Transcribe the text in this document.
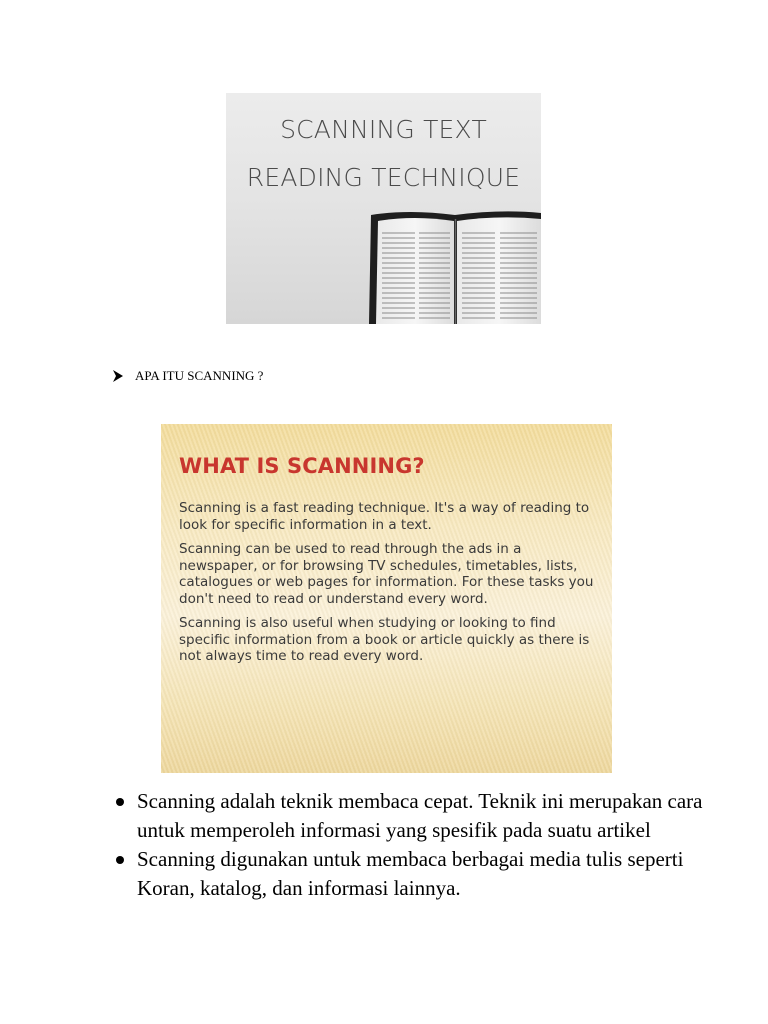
SCANNING TEXT
READING TECHNIQUE
APA ITU SCANNING ?
WHAT IS SCANNING?

Scanning is a fast reading technique. It's a way of reading to look for specific information in a text.

Scanning can be used to read through the ads in a newspaper, or for browsing TV schedules, timetables, lists, catalogues or web pages for information. For these tasks you don't need to read or understand every word.

Scanning is also useful when studying or looking to find specific information from a book or article quickly as there is not always time to read every word.

Scanning adalah teknik membaca cepat. Teknik ini merupakan cara untuk memperoleh informasi yang spesifik pada suatu artikel
Scanning digunakan untuk membaca berbagai media tulis seperti Koran, katalog, dan informasi lainnya.
